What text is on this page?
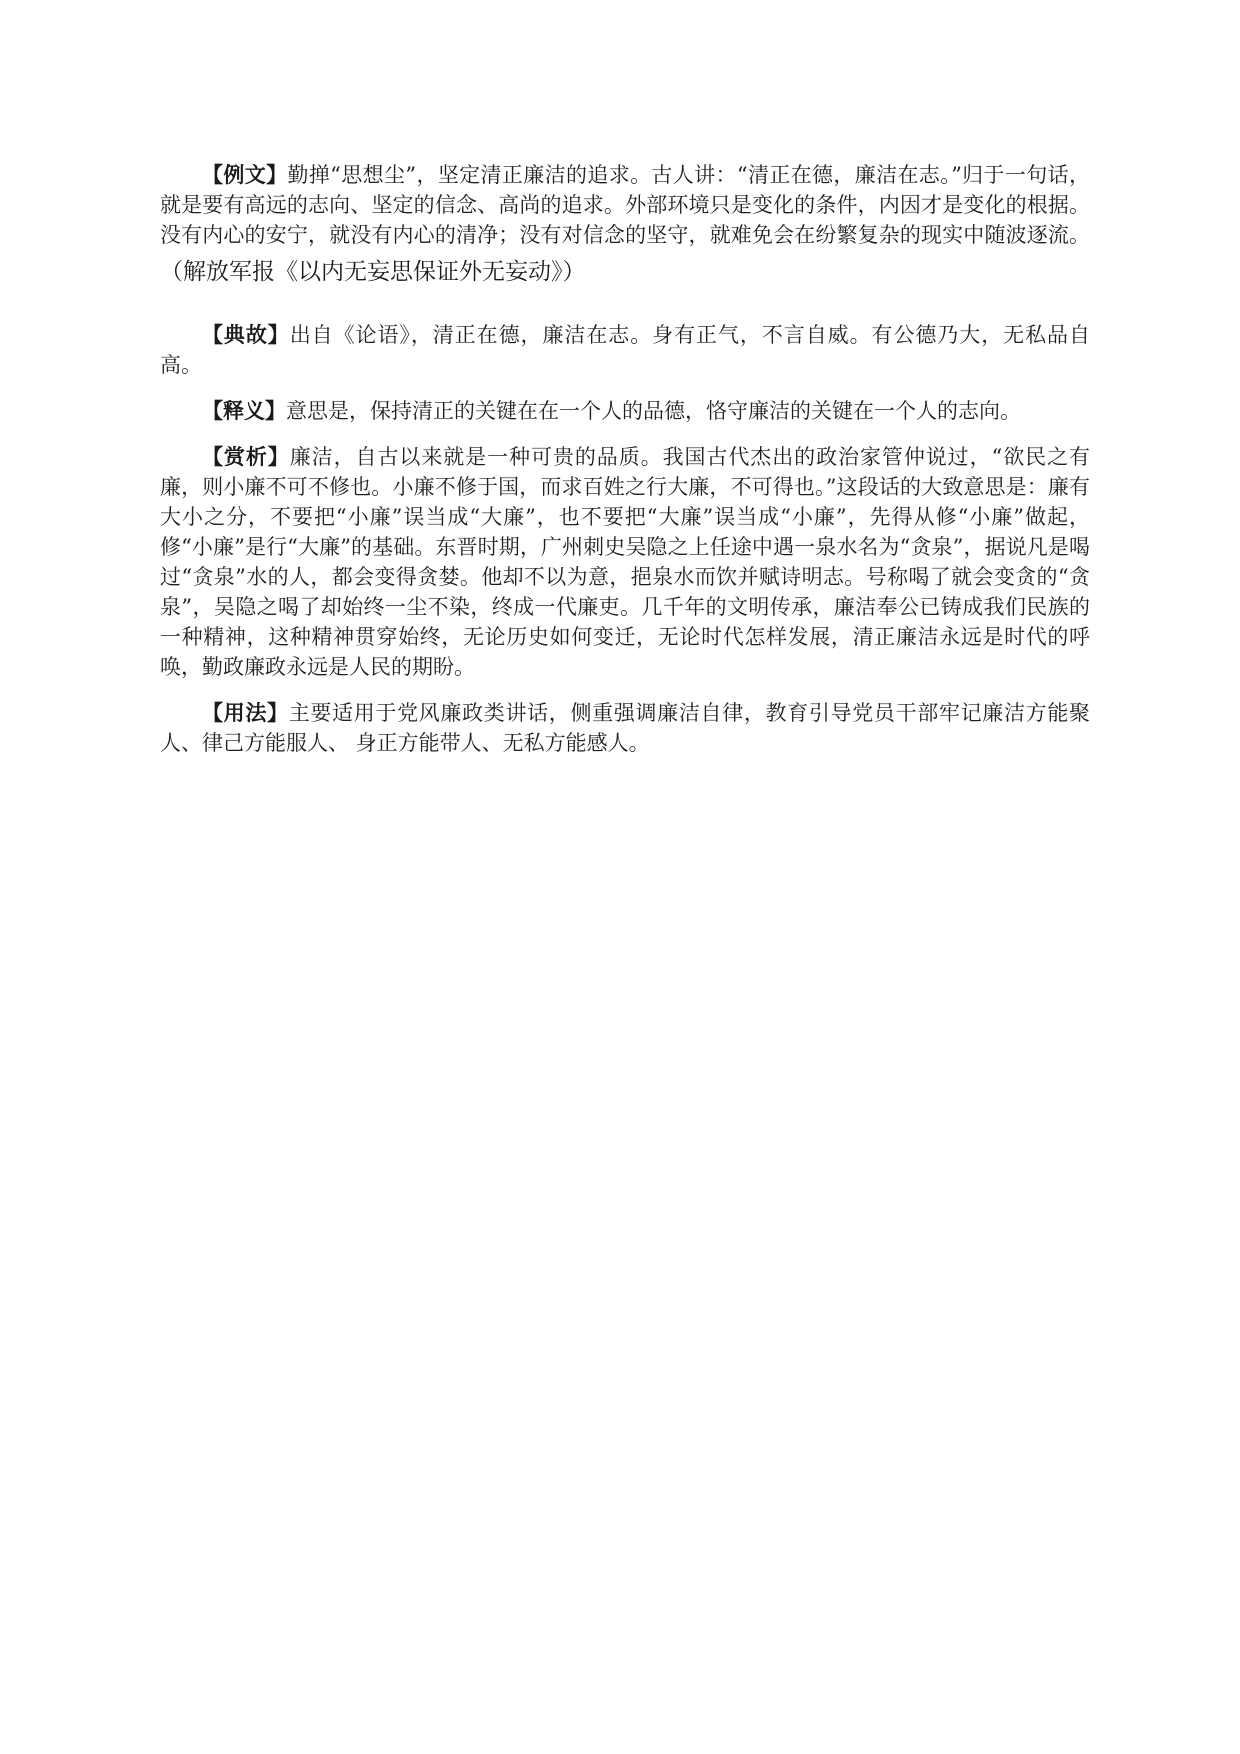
【例文】勤掸“思想尘”，坚定清正廉洁的追求。古人讲：“清正在德，廉洁在志。”归于一句话，就是要有高远的志向、坚定的信念、高尚的追求。外部环境只是变化的条件，内因才是变化的根据。没有内心的安宁，就没有内心的清净；没有对信念的坚守，就难免会在纷繁复杂的现实中随波逐流。（解放军报《以内无妄思保证外无妄动》）

【典故】出自《论语》，清正在德，廉洁在志。身有正气，不言自威。有公德乃大，无私品自高。

【释义】意思是，保持清正的关键在在一个人的品德，恪守廉洁的关键在一个人的志向。

【赏析】廉洁，自古以来就是一种可贵的品质。我国古代杰出的政治家管仲说过，“欲民之有廉，则小廉不可不修也。小廉不修于国，而求百姓之行大廉，不可得也。”这段话的大致意思是：廉有大小之分，不要把“小廉”误当成“大廉”，也不要把“大廉”误当成“小廉”，先得从修“小廉”做起，修“小廉”是行“大廉”的基础。东晋时期，广州刺史吴隐之上任途中遇一泉水名为“贪泉”，据说凡是喝过“贪泉”水的人，都会变得贪婪。他却不以为意，挹泉水而饮并赋诗明志。号称喝了就会变贪的“贪泉”，吴隐之喝了却始终一尘不染，终成一代廉吏。几千年的文明传承，廉洁奉公已铸成我们民族的一种精神，这种精神贯穿始终，无论历史如何变迁，无论时代怎样发展，清正廉洁永远是时代的呼唤，勤政廉政永远是人民的期盼。

【用法】主要适用于党风廉政类讲话，侧重强调廉洁自律，教育引导党员干部牢记廉洁方能聚人、律己方能服人、 身正方能带人、无私方能感人。
